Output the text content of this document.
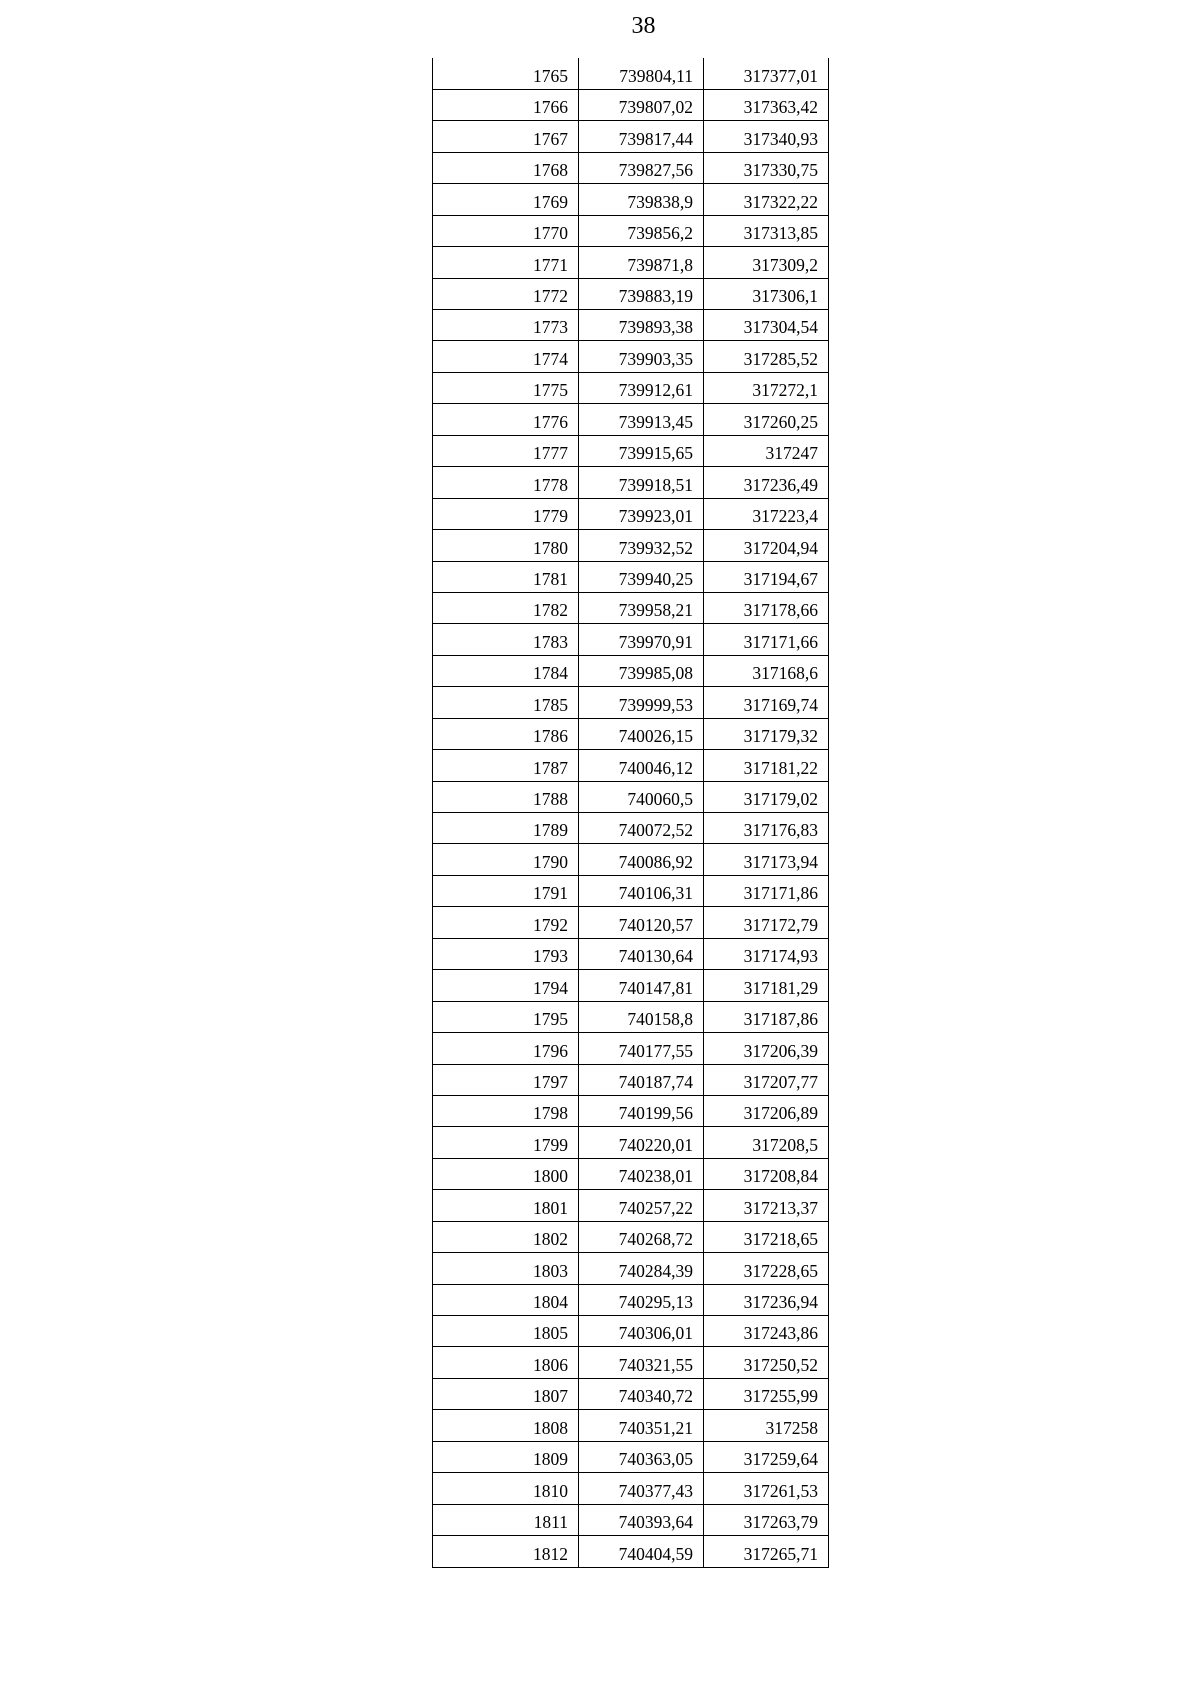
38
1765	739804,11	317377,01
1766	739807,02	317363,42
1767	739817,44	317340,93
1768	739827,56	317330,75
1769	739838,9	317322,22
1770	739856,2	317313,85
1771	739871,8	317309,2
1772	739883,19	317306,1
1773	739893,38	317304,54
1774	739903,35	317285,52
1775	739912,61	317272,1
1776	739913,45	317260,25
1777	739915,65	317247
1778	739918,51	317236,49
1779	739923,01	317223,4
1780	739932,52	317204,94
1781	739940,25	317194,67
1782	739958,21	317178,66
1783	739970,91	317171,66
1784	739985,08	317168,6
1785	739999,53	317169,74
1786	740026,15	317179,32
1787	740046,12	317181,22
1788	740060,5	317179,02
1789	740072,52	317176,83
1790	740086,92	317173,94
1791	740106,31	317171,86
1792	740120,57	317172,79
1793	740130,64	317174,93
1794	740147,81	317181,29
1795	740158,8	317187,86
1796	740177,55	317206,39
1797	740187,74	317207,77
1798	740199,56	317206,89
1799	740220,01	317208,5
1800	740238,01	317208,84
1801	740257,22	317213,37
1802	740268,72	317218,65
1803	740284,39	317228,65
1804	740295,13	317236,94
1805	740306,01	317243,86
1806	740321,55	317250,52
1807	740340,72	317255,99
1808	740351,21	317258
1809	740363,05	317259,64
1810	740377,43	317261,53
1811	740393,64	317263,79
1812	740404,59	317265,71
